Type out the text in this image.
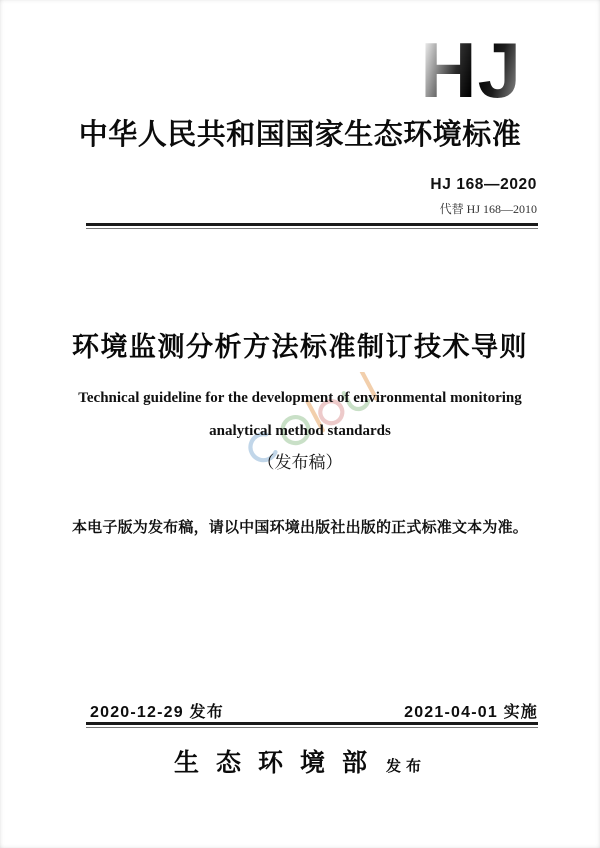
HJ
中华人民共和国国家生态环境标准
HJ 168—2020
代替 HJ 168—2010
环境监测分析方法标准制订技术导则
Technical guideline for the development of environmental monitoring
analytical method standards
（发布稿）
本电子版为发布稿，请以中国环境出版社出版的正式标准文本为准。
2020-12-29 发布	2021-04-01 实施
生态环境部 发布
